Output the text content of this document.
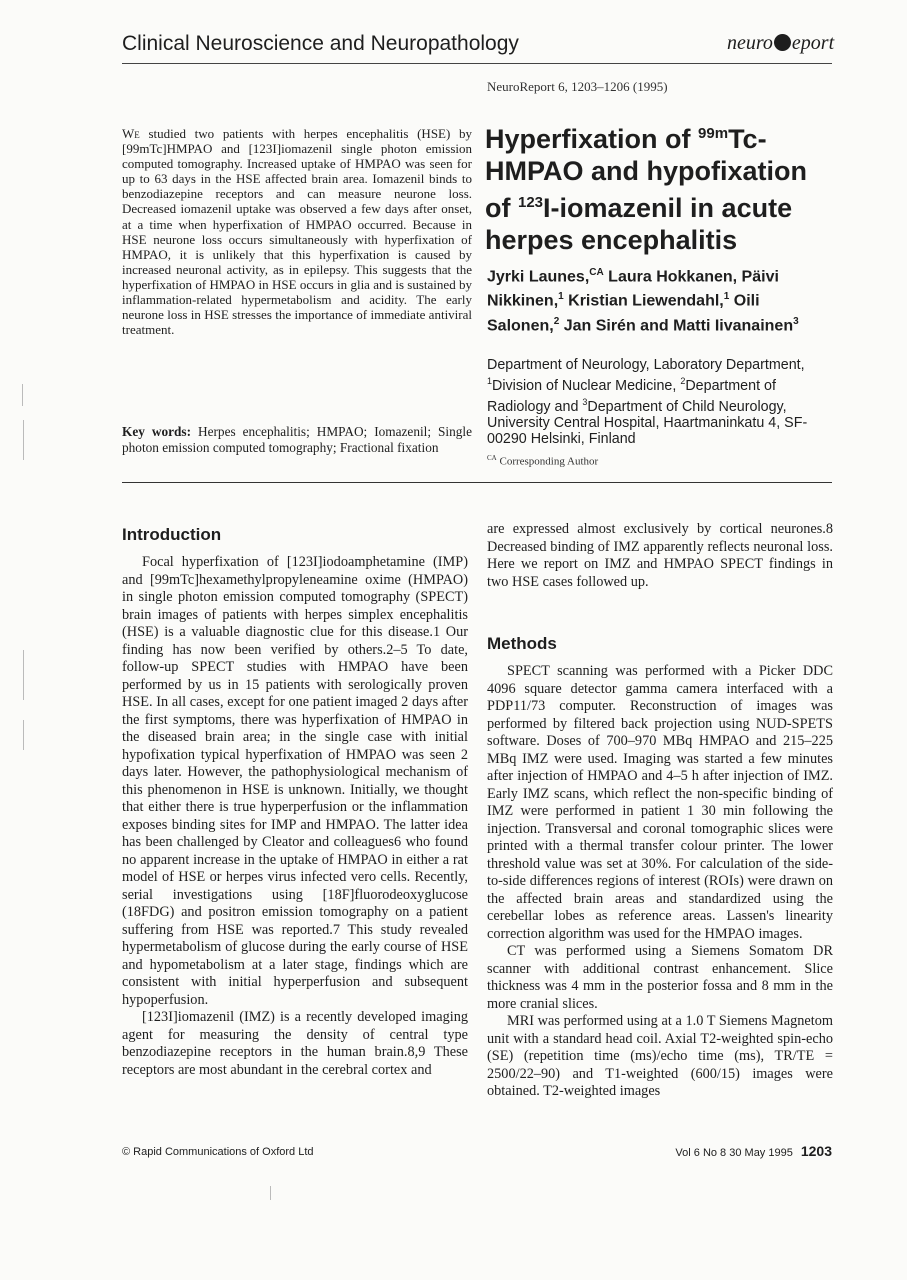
Clinical Neuroscience and Neuropathology	neuro eport
NeuroReport 6, 1203–1206 (1995)
We studied two patients with herpes encephalitis (HSE) by [99mTc]HMPAO and [123I]iomazenil single photon emission computed tomography. Increased uptake of HMPAO was seen for up to 63 days in the HSE affected brain area. Iomazenil binds to benzodiazepine receptors and can measure neurone loss. Decreased iomazenil uptake was observed a few days after onset, at a time when hyperfixation of HMPAO occurred. Because in HSE neurone loss occurs simultaneously with hyperfixation of HMPAO, it is unlikely that this hyperfixation is caused by increased neuronal activity, as in epilepsy. This suggests that the hyperfixation of HMPAO in HSE occurs in glia and is sustained by inflammation-related hypermetabolism and acidity. The early neurone loss in HSE stresses the importance of immediate antiviral treatment.
Key words: Herpes encephalitis; HMPAO; Iomazenil; Single photon emission computed tomography; Fractional fixation
Hyperfixation of $^{99m}$Tc-HMPAO and hypofixation of $^{123}$I-iomazenil in acute herpes encephalitis
Jyrki Launes,$^{CA}$ Laura Hokkanen, Päivi Nikkinen,$^1$ Kristian Liewendahl,$^1$ Oili Salonen,$^2$ Jan Sirén and Matti Iivanainen$^3$
Department of Neurology, Laboratory Department, $^1$Division of Nuclear Medicine, $^2$Department of Radiology and $^3$Department of Child Neurology, University Central Hospital, Haartmaninkatu 4, SF-00290 Helsinki, Finland
$^{CA}$ Corresponding Author
Introduction

Focal hyperfixation of [123I]iodoamphetamine (IMP) and [99mTc]hexamethylpropyleneamine oxime (HMPAO) in single photon emission computed tomography (SPECT) brain images of patients with herpes simplex encephalitis (HSE) is a valuable diagnostic clue for this disease.1 Our finding has now been verified by others.2–5 To date, follow-up SPECT studies with HMPAO have been performed by us in 15 patients with serologically proven HSE. In all cases, except for one patient imaged 2 days after the first symptoms, there was hyperfixation of HMPAO in the diseased brain area; in the single case with initial hypofixation typical hyperfixation of HMPAO was seen 2 days later. However, the pathophysiological mechanism of this phenomenon in HSE is unknown. Initially, we thought that either there is true hyperperfusion or the inflammation exposes binding sites for IMP and HMPAO. The latter idea has been challenged by Cleator and colleagues6 who found no apparent increase in the uptake of HMPAO in either a rat model of HSE or herpes virus infected vero cells. Recently, serial investigations using [18F]fluorodeoxyglucose (18FDG) and positron emission tomography on a patient suffering from HSE was reported.7 This study revealed hypermetabolism of glucose during the early course of HSE and hypometabolism at a later stage, findings which are consistent with initial hyperperfusion and subsequent hypoperfusion.

[123I]iomazenil (IMZ) is a recently developed imaging agent for measuring the density of central type benzodiazepine receptors in the human brain.8,9 These receptors are most abundant in the cerebral cortex and

are expressed almost exclusively by cortical neurones.8 Decreased binding of IMZ apparently reflects neuronal loss. Here we report on IMZ and HMPAO SPECT findings in two HSE cases followed up.

Methods

SPECT scanning was performed with a Picker DDC 4096 square detector gamma camera interfaced with a PDP11/73 computer. Reconstruction of images was performed by filtered back projection using NUD-SPETS software. Doses of 700–970 MBq HMPAO and 215–225 MBq IMZ were used. Imaging was started a few minutes after injection of HMPAO and 4–5 h after injection of IMZ. Early IMZ scans, which reflect the non-specific binding of IMZ were performed in patient 1 30 min following the injection. Transversal and coronal tomographic slices were printed with a thermal transfer colour printer. The lower threshold value was set at 30%. For calculation of the side-to-side differences regions of interest (ROIs) were drawn on the affected brain areas and standardized using the cerebellar lobes as reference areas. Lassen's linearity correction algorithm was used for the HMPAO images.

CT was performed using a Siemens Somatom DR scanner with additional contrast enhancement. Slice thickness was 4 mm in the posterior fossa and 8 mm in the more cranial slices.

MRI was performed using at a 1.0 T Siemens Magnetom unit with a standard head coil. Axial T2-weighted spin-echo (SE) (repetition time (ms)/echo time (ms), TR/TE = 2500/22–90) and T1-weighted (600/15) images were obtained. T2-weighted images

© Rapid Communications of Oxford Ltd	Vol 6 No 8 30 May 1995 1203
